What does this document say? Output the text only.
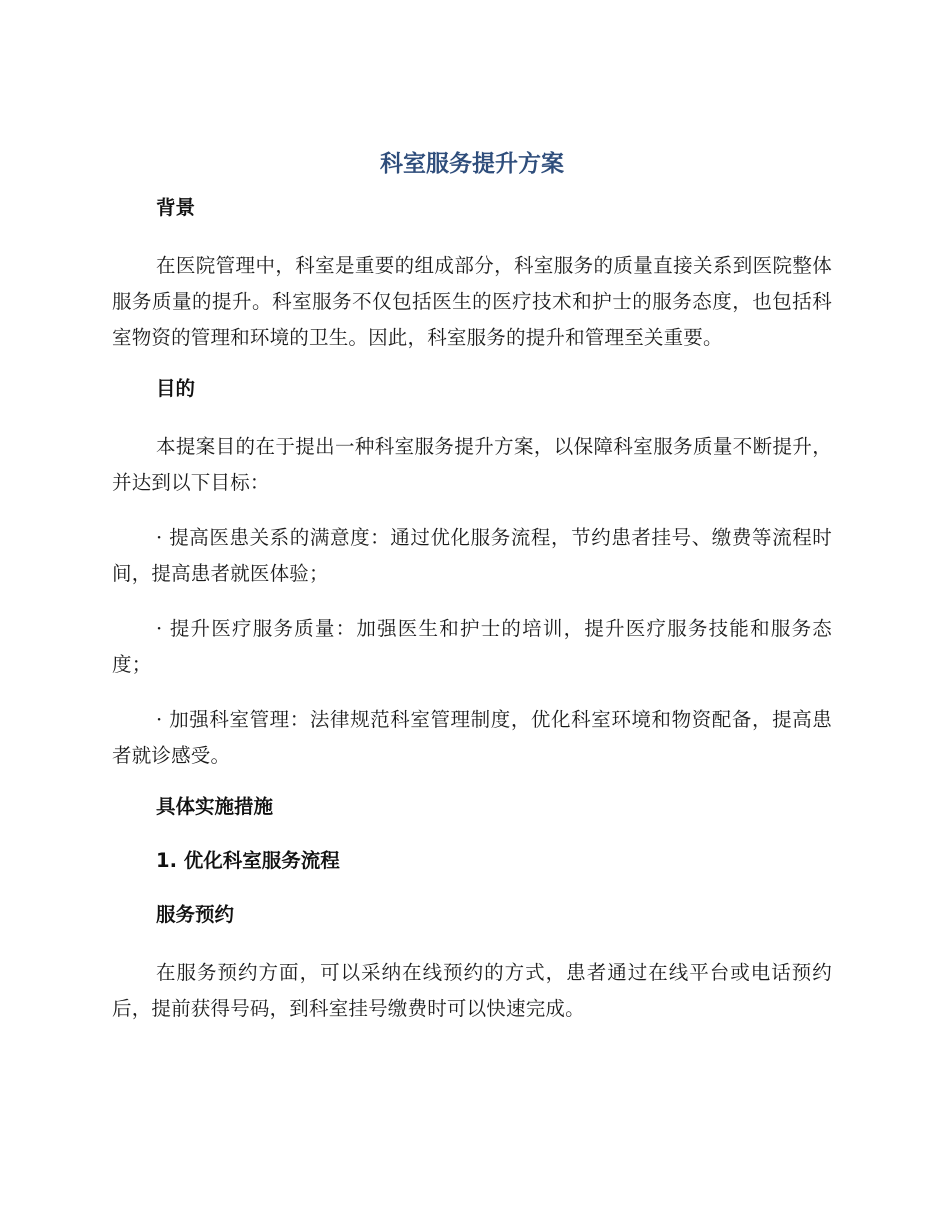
科室服务提升方案
背景

在医院管理中，科室是重要的组成部分，科室服务的质量直接关系到医院整体服务质量的提升。科室服务不仅包括医生的医疗技术和护士的服务态度，也包括科室物资的管理和环境的卫生。因此，科室服务的提升和管理至关重要。

目的

本提案目的在于提出一种科室服务提升方案，以保障科室服务质量不断提升，并达到以下目标：

· 提高医患关系的满意度：通过优化服务流程，节约患者挂号、缴费等流程时间，提高患者就医体验；

· 提升医疗服务质量：加强医生和护士的培训，提升医疗服务技能和服务态度；

· 加强科室管理：法律规范科室管理制度，优化科室环境和物资配备，提高患者就诊感受。

具体实施措施
1. 优化科室服务流程
服务预约

在服务预约方面，可以采纳在线预约的方式，患者通过在线平台或电话预约后，提前获得号码，到科室挂号缴费时可以快速完成。
